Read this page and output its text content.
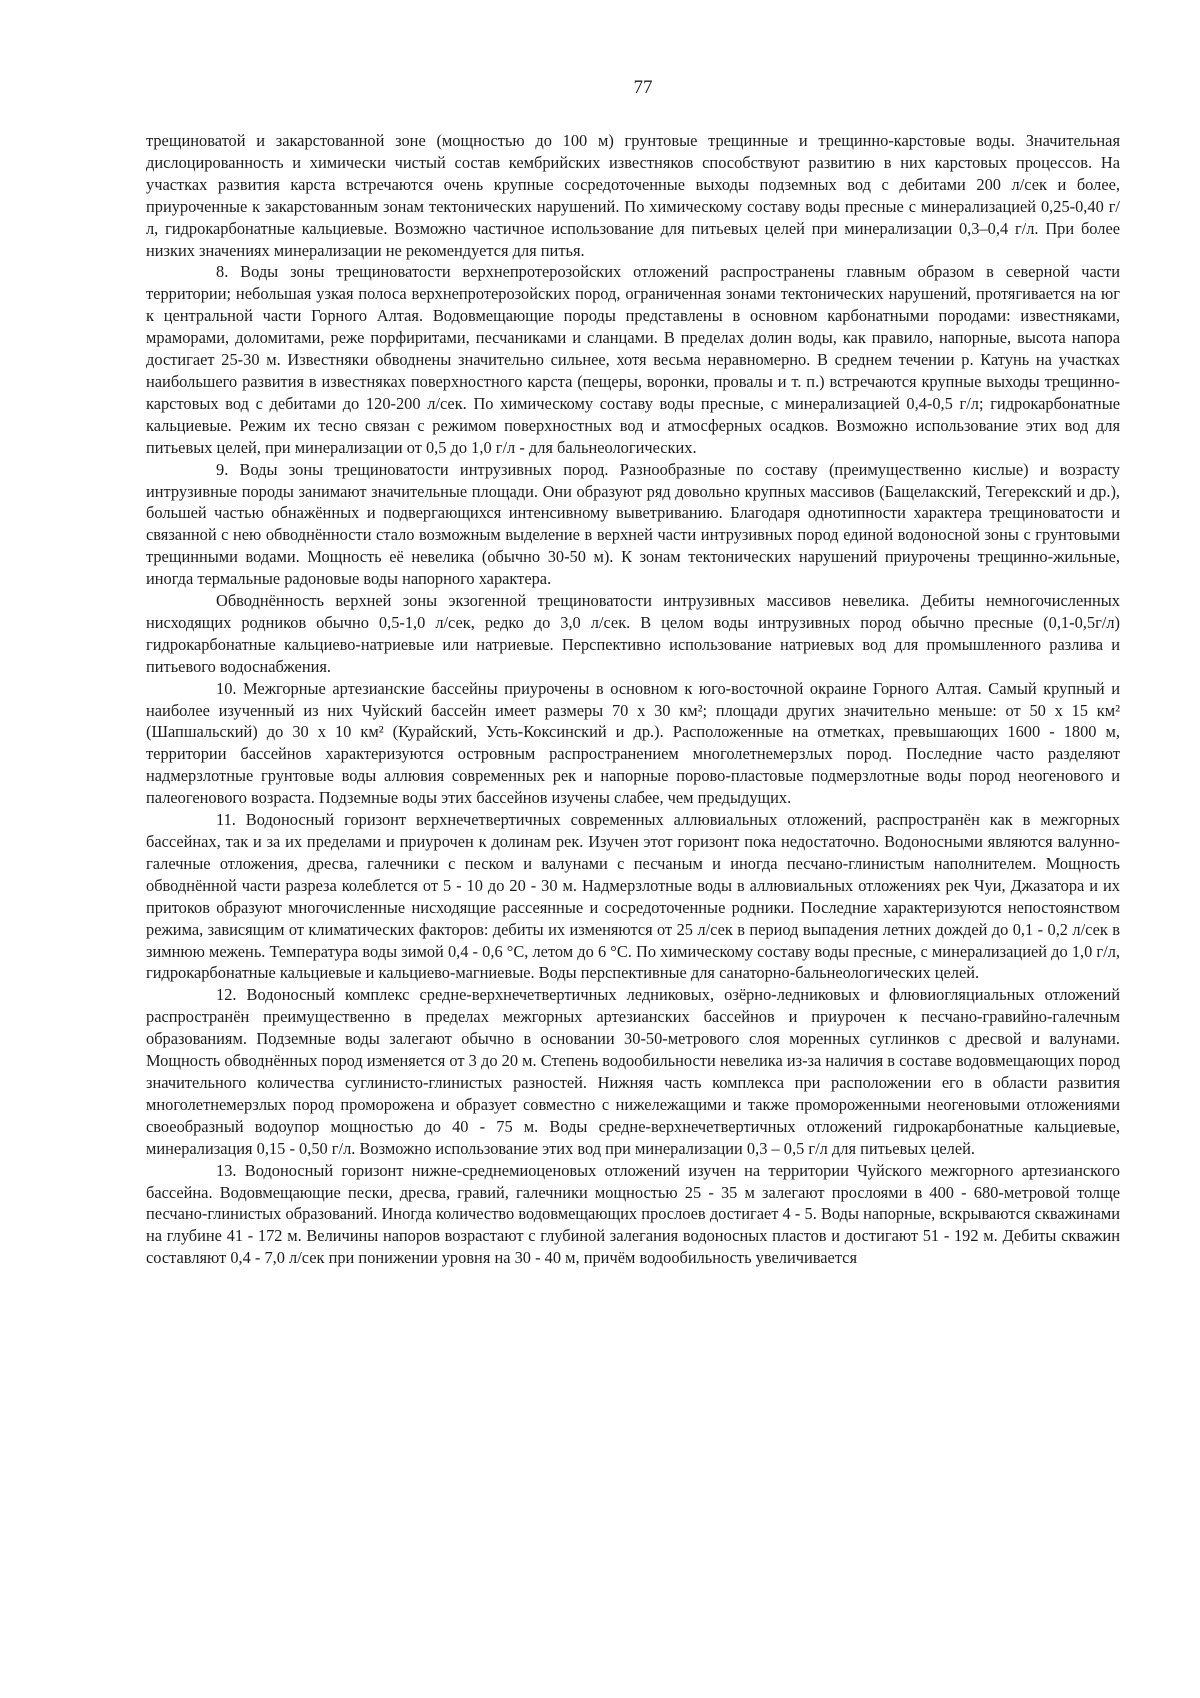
77

трещиноватой и закарстованной зоне (мощностью до 100 м) грунтовые трещинные и трещинно-карстовые воды. Значительная дислоцированность и химически чистый состав кембрийских известняков способствуют развитию в них карстовых процессов. На участках развития карста встречаются очень крупные сосредоточенные выходы подземных вод с дебитами 200 л/сек и более, приуроченные к закарстованным зонам тектонических нарушений. По химическому составу воды пресные с минерализацией 0,25-0,40 г/л, гидрокарбонатные кальциевые. Возможно частичное использование для питьевых целей при минерализации 0,3–0,4 г/л. При более низких значениях минерализации не рекомендуется для питья.

8. Воды зоны трещиноватости верхнепротерозойских отложений распространены главным образом в северной части территории; небольшая узкая полоса верхнепротерозойских пород, ограниченная зонами тектонических нарушений, протягивается на юг к центральной части Горного Алтая. Водовмещающие породы представлены в основном карбонатными породами: известняками, мраморами, доломитами, реже порфиритами, песчаниками и сланцами. В пределах долин воды, как правило, напорные, высота напора достигает 25-30 м. Известняки обводнены значительно сильнее, хотя весьма неравномерно. В среднем течении р. Катунь на участках наибольшего развития в известняках поверхностного карста (пещеры, воронки, провалы и т. п.) встречаются крупные выходы трещинно-карстовых вод с дебитами до 120-200 л/сек. По химическому составу воды пресные, с минерализацией 0,4-0,5 г/л; гидрокарбонатные кальциевые. Режим их тесно связан с режимом поверхностных вод и атмосферных осадков. Возможно использование этих вод для питьевых целей, при минерализации от 0,5 до 1,0 г/л - для бальнеологических.

9. Воды зоны трещиноватости интрузивных пород. Разнообразные по составу (преимущественно кислые) и возрасту интрузивные породы занимают значительные площади. Они образуют ряд довольно крупных массивов (Бащелакский, Тегерекский и др.), большей частью обнажённых и подвергающихся интенсивному выветриванию. Благодаря однотипности характера трещиноватости и связанной с нею обводнённости стало возможным выделение в верхней части интрузивных пород единой водоносной зоны с грунтовыми трещинными водами. Мощность её невелика (обычно 30-50 м). К зонам тектонических нарушений приурочены трещинно-жильные, иногда термальные радоновые воды напорного характера.

Обводнённость верхней зоны экзогенной трещиноватости интрузивных массивов невелика. Дебиты немногочисленных нисходящих родников обычно 0,5-1,0 л/сек, редко до 3,0 л/сек. В целом воды интрузивных пород обычно пресные (0,1-0,5г/л) гидрокарбонатные кальциево-натриевые или натриевые. Перспективно использование натриевых вод для промышленного разлива и питьевого водоснабжения.

10. Межгорные артезианские бассейны приурочены в основном к юго-восточной окраине Горного Алтая. Самый крупный и наиболее изученный из них Чуйский бассейн имеет размеры 70 х 30 км²; площади других значительно меньше: от 50 х 15 км² (Шапшальский) до 30 х 10 км² (Курайский, Усть-Коксинский и др.). Расположенные на отметках, превышающих 1600 - 1800 м, территории бассейнов характеризуются островным распространением многолетнемерзлых пород. Последние часто разделяют надмерзлотные грунтовые воды аллювия современных рек и напорные порово-пластовые подмерзлотные воды пород неогенового и палеогенового возраста. Подземные воды этих бассейнов изучены слабее, чем предыдущих.

11. Водоносный горизонт верхнечетвертичных современных аллювиальных отложений, распространён как в межгорных бассейнах, так и за их пределами и приурочен к долинам рек. Изучен этот горизонт пока недостаточно. Водоносными являются валунно-галечные отложения, дресва, галечники с песком и валунами с песчаным и иногда песчано-глинистым наполнителем. Мощность обводнённой части разреза колеблется от 5 - 10 до 20 - 30 м. Надмерзлотные воды в аллювиальных отложениях рек Чуи, Джазатора и их притоков образуют многочисленные нисходящие рассеянные и сосредоточенные родники. Последние характеризуются непостоянством режима, зависящим от климатических факторов: дебиты их изменяются от 25 л/сек в период выпадения летних дождей до 0,1 - 0,2 л/сек в зимнюю межень. Температура воды зимой 0,4 - 0,6 °С, летом до 6 °С. По химическому составу воды пресные, с минерализацией до 1,0 г/л, гидрокарбонатные кальциевые и кальциево-магниевые. Воды перспективные для санаторно-бальнеологических целей.

12. Водоносный комплекс средне-верхнечетвертичных ледниковых, озёрно-ледниковых и флювиогляциальных отложений распространён преимущественно в пределах межгорных артезианских бассейнов и приурочен к песчано-гравийно-галечным образованиям. Подземные воды залегают обычно в основании 30-50-метрового слоя моренных суглинков с дресвой и валунами. Мощность обводнённых пород изменяется от 3 до 20 м. Степень водообильности невелика из-за наличия в составе водовмещающих пород значительного количества суглинисто-глинистых разностей. Нижняя часть комплекса при расположении его в области развития многолетнемерзлых пород проморожена и образует совместно с нижележащими и также промороженными неогеновыми отложениями своеобразный водоупор мощностью до 40 - 75 м. Воды средне-верхнечетвертичных отложений гидрокарбонатные кальциевые, минерализация 0,15 - 0,50 г/л. Возможно использование этих вод при минерализации 0,3 – 0,5 г/л для питьевых целей.

13. Водоносный горизонт нижне-среднемиоценовых отложений изучен на территории Чуйского межгорного артезианского бассейна. Водовмещающие пески, дресва, гравий, галечники мощностью 25 - 35 м залегают прослоями в 400 - 680-метровой толще песчано-глинистых образований. Иногда количество водовмещающих прослоев достигает 4 - 5. Воды напорные, вскрываются скважинами на глубине 41 - 172 м. Величины напоров возрастают с глубиной залегания водоносных пластов и достигают 51 - 192 м. Дебиты скважин составляют 0,4 - 7,0 л/сек при понижении уровня на 30 - 40 м, причём водообильность увеличивается
